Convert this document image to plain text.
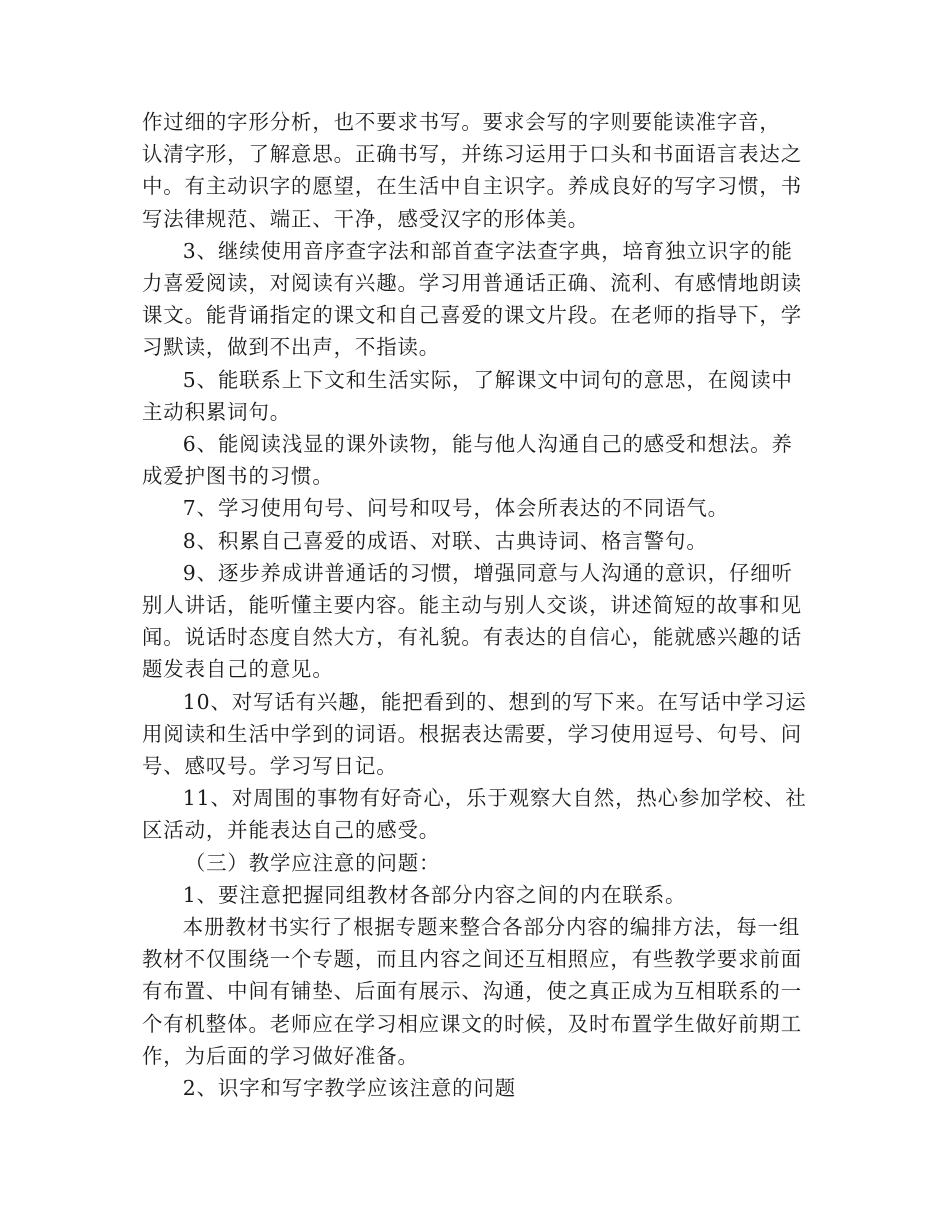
作过细的字形分析，也不要求书写。要求会写的字则要能读准字音，
认清字形，了解意思。正确书写，并练习运用于口头和书面语言表达之中。有主动识字的愿望，在生活中自主识字。养成良好的写字习惯，书写法律规范、端正、干净，感受汉字的形体美。

3、继续使用音序查字法和部首查字法查字典，培育独立识字的能力喜爱阅读，对阅读有兴趣。学习用普通话正确、流利、有感情地朗读课文。能背诵指定的课文和自己喜爱的课文片段。在老师的指导下，学习默读，做到不出声，不指读。

5、能联系上下文和生活实际，了解课文中词句的意思，在阅读中主动积累词句。

6、能阅读浅显的课外读物，能与他人沟通自己的感受和想法。养成爱护图书的习惯。

7、学习使用句号、问号和叹号，体会所表达的不同语气。

8、积累自己喜爱的成语、对联、古典诗词、格言警句。

9、逐步养成讲普通话的习惯，增强同意与人沟通的意识，仔细听别人讲话，能听懂主要内容。能主动与别人交谈，讲述简短的故事和见闻。说话时态度自然大方，有礼貌。有表达的自信心，能就感兴趣的话题发表自己的意见。

10、对写话有兴趣，能把看到的、想到的写下来。在写话中学习运用阅读和生活中学到的词语。根据表达需要，学习使用逗号、句号、问号、感叹号。学习写日记。

11、对周围的事物有好奇心，乐于观察大自然，热心参加学校、社区活动，并能表达自己的感受。

（三）教学应注意的问题：

1、要注意把握同组教材各部分内容之间的内在联系。

本册教材书实行了根据专题来整合各部分内容的编排方法，每一组教材不仅围绕一个专题，而且内容之间还互相照应，有些教学要求前面有布置、中间有铺垫、后面有展示、沟通，使之真正成为互相联系的一个有机整体。老师应在学习相应课文的时候，及时布置学生做好前期工作，为后面的学习做好准备。

2、识字和写字教学应该注意的问题
